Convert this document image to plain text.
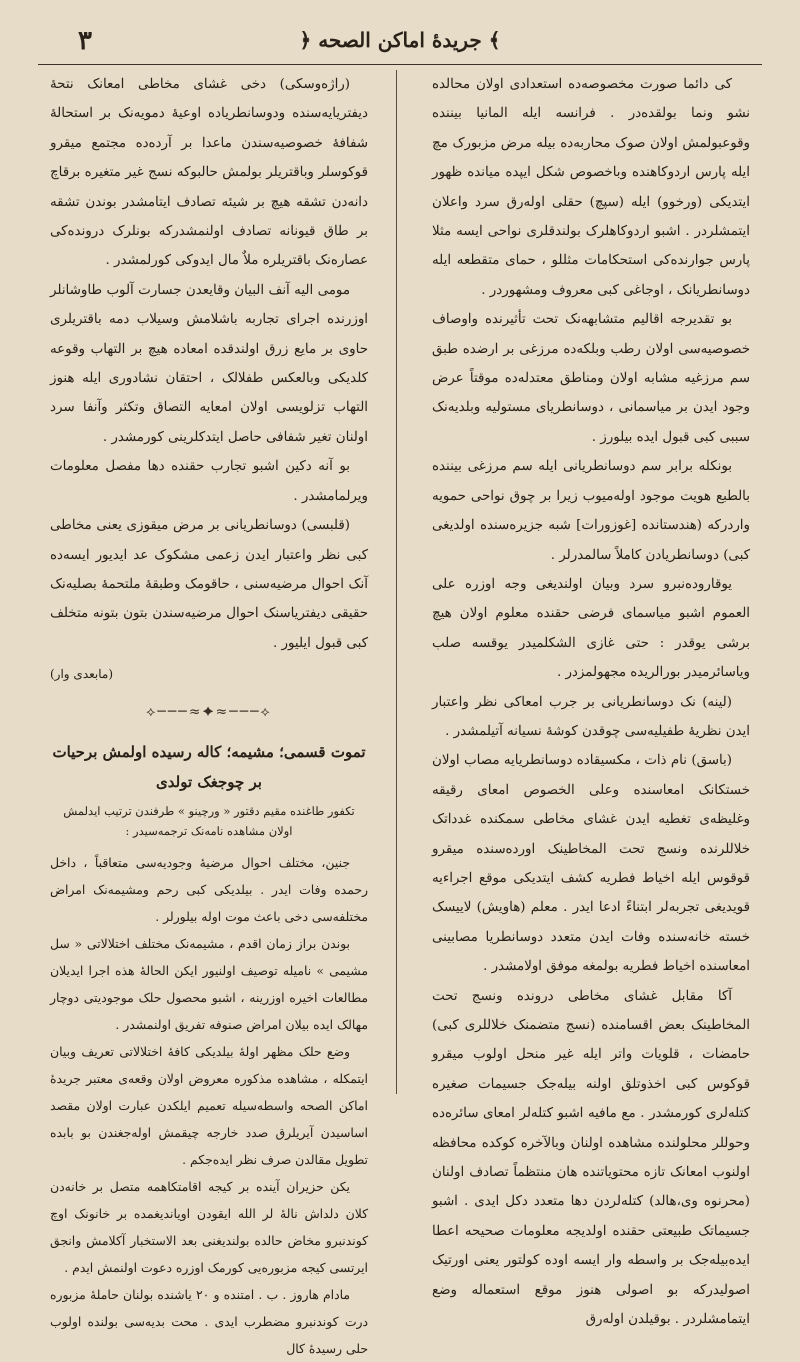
٣	﴿ جريدهٔ اماکن الصحه ﴾

کی دائما صورت مخصوصه‌ده استعدادی اولان محالده نشو ونما بولقده‌در . فرانسه ایله المانیا بیننده وقوعبولمش اولان صوک محاربه‌ده بیله مرض مزبورک مچ ایله پارس اردوکاهنده وباخصوص شکل ایپده میانده ظهور ایتدیکی (ورخوو) ایله (سپچ) حقلی اوله‌رق سرد واعلان ایتمشلردر . اشبو اردوکاهلرک بولندقلری نواحی ایسه مثلا پارس جوارنده‌کی استحکامات مثللو ، حمای متقطعه ایله دوسانطریانک ، اوجاغی کبی معروف ومشهوردر .

بو تقدیرجه اقالیم متشابهه‌نک تحت تأثیرنده واوصاف خصوصیه‌سی اولان رطب وبلکه‌ده مرزغی بر ارضده طبق سم مرزغیه مشابه اولان ومناطق معتدله‌ده موقتاً عرض وجود ایدن بر میاسمانی ، دوسانطریای مستولیه وبلدیه‌نک سببی کبی قبول ایده بیلورز .

بونکله برابر سم دوسانطریانی ایله سم مرزغی بیننده بالطبع هویت موجود اوله‌میوب زیرا بر چوق نواحی حمویه واردرکه (هندستانده [غوزورات] شبه جزیره‌سنده اولدیغی کبی) دوسانطریادن کاملاً سالمدرلر .

یوقاروده‌نبرو سرد وبیان اولندیغی وجه اوزره علی العموم اشبو میاسمای فرضی حقنده معلوم اولان هیچ برشی یوقدر : حتی غازی الشکلمیدر یوقسه صلب ویاسائرمیدر بورالریده مجهولمزدر .

(لینه) نک دوسانطریانی بر جرب امعاکی نظر واعتبار ایدن نظریهٔ طفیلیه‌سی چوقدن کوشهٔ نسیانه آتیلمشدر .

(باسق) نام ذات ، مکسیقاده دوسانطریایه مصاب اولان خستکانک امعاسنده وعلی الخصوص امعای رقیقه وغلیظه‌ی تغطیه ایدن غشای مخاطی سمکنده غدداتک خلاللرنده ونسج تحت المخاطینک اورده‌سنده میقرو قوقوس ایله اخیاط فطریه کشف ایتدیکی موقع اجراءیه قویدیغی تجربه‌لر ابتناءً ادعا ایدر . معلم (هاویش) لاییسک خسته خانه‌سنده وفات ایدن متعدد دوسانطریا مصابینی امعاسنده اخیاط فطریه بولمغه موفق اولامشدر .

آکا مقابل غشای مخاطی درونده ونسج تحت المخاطینک بعض اقسامنده (نسج متضمنک خلاللری کبی) حامضات ، قلویات واتر ایله غیر منحل اولوب میقرو قوکوس کبی اخذوتلق اولنه بیله‌جک جسیمات صغیره کتله‌لری کورمشدر . مع مافیه اشبو کتله‌لر امعای سائره‌ده وحوللر محلولنده مشاهده اولنان وبالآخره کوکده محافظه اولنوب امعانک تازه محتویاتنده هان منتظماً تصادف اولنان (محرنوه وی،هالد) کتله‌لردن دها متعدد دکل ایدی . اشبو جسیماتک طبیعتی حقنده اولدیجه معلومات صحیحه اعطا ایده‌بیله‌جک بر واسطه وار ایسه اوده کولتور یعنی اورتیک اصولیدرکه بو اصولی هنوز موقع استعماله وضع ایتمامشلردر . بوقیلدن اوله‌رق

(راژه‌وسکی) دخی غشای مخاطی امعانک نتحهٔ دیفتریایه‌سنده ودوسانطریاده اوعیهٔ دمویه‌نک بر استحالهٔ شفافهٔ خصوصیه‌سندن ماعدا بر آرده‌ده مجتمع میقرو قوکوسلر وباقتریلر بولمش حالبوکه نسج غیر متغیره برقاچ دانه‌دن تشقه هیچ بر شیئه تصادف ایتامشدر بوندن تشقه بر طاق قیونانه تصادف اولنمشدرکه بونلرک درونده‌کی عصاره‌نک باقتریلره ملاٌ مال ایدوکی کورلمشدر .

مومی الیه آنف البیان وقایعدن جسارت آلوب طاوشانلر اوزرنده اجرای تجاربه باشلامش وسیلاب دمه باقتریلری حاوی بر مایع زرق اولندقده امعاده هیچ بر التهاب وقوعه کلدیکی وبالعکس طفلالک ، احتقان نشادوری ایله هنوز التهاب تزلویسی اولان امعایه التصاق وتکثر وآنفا سرد اولنان تغیر شفافی حاصل ایتدکلرینی کورمشدر .

بو آنه دکین اشبو تجارب حقنده دها مفصل معلومات ویرلمامشدر .

(قلبسی) دوسانطریانی بر مرض میقوزی یعنی مخاطی کبی نظر واعتبار ایدن زعمی مشکوک عد ایدیور ایسه‌ده آنک احوال مرضیه‌سنی ، حاقومک وطبقهٔ ملتحمهٔ بصلیه‌نک حقیقی دیفتریاسنک احوال مرضیه‌سندن بتون بتونه متخلف کبی قبول ایلیور .

(مابعدی وار)

⟡───≈✦≈───⟡

تموت قسمی؛ مشیمه؛ کاله رسیده اولمش برحیات بر چوجغک تولدی

تکفور طاغنده مقیم دقتور « ورچینو » طرفندن ترتیب ایدلمش اولان مشاهده نامه‌نک ترجمه‌سیدر :

جنین، مختلف احوال مرضیهٔ وجودیه‌سی متعاقباً ، داخل رحمده وفات ایدر . بیلدیکی کبی رحم ومشیمه‌نک امراض مختلفه‌سی دخی باعث موت اوله بیلورلر .

بوندن براز زمان اقدم ، مشیمه‌نک مختلف اختلالاتی « سل مشیمی » نامیله توصیف اولنیور ایکن الحالهٔ هذه اجرا ایدیلان مطالعات اخیره اوزرینه ، اشبو محصول حلک موجودیتی دوچار مهالک ایده بیلان امراض صنوفه تفریق اولنمشدر .

وضع حلک مظهر اولهٔ بیلدیکی کافهٔ اختلالاتی تعریف وبیان ایتمکله ، مشاهده مذکوره معروض اولان وقعه‌ی معتبر جریدهٔ اماکن الصحه واسطه‌سیله تعمیم ایلکدن عبارت اولان مقصد اساسیدن آیریلرق صدد خارجه چیقمش اوله‌جغندن بو بابده تطویل مقالدن صرف نظر ایده‌جکم .

یکن حزیران آینده بر کیجه اقامتکاهمه متصل بر خانه‌دن کلان دلداش نالهٔ لر الله ایقودن اویاندیغمده بر خانونک اوچ کوندنبرو مخاض حالده بولندیغنی بعد الاستخبار آکلامش وانجق ایرتسی کیجه مزبوره‌یی کورمک اوزره دعوت اولنمش ایدم .

مادام هاروز . ب . امتنده و ۲۰ یاشنده بولنان حاملهٔ مزبوره درت کوندنبرو مضطرب ایدی . محت بدیه‌سی بولنده اولوب حلی رسیده‌ٔ کال
